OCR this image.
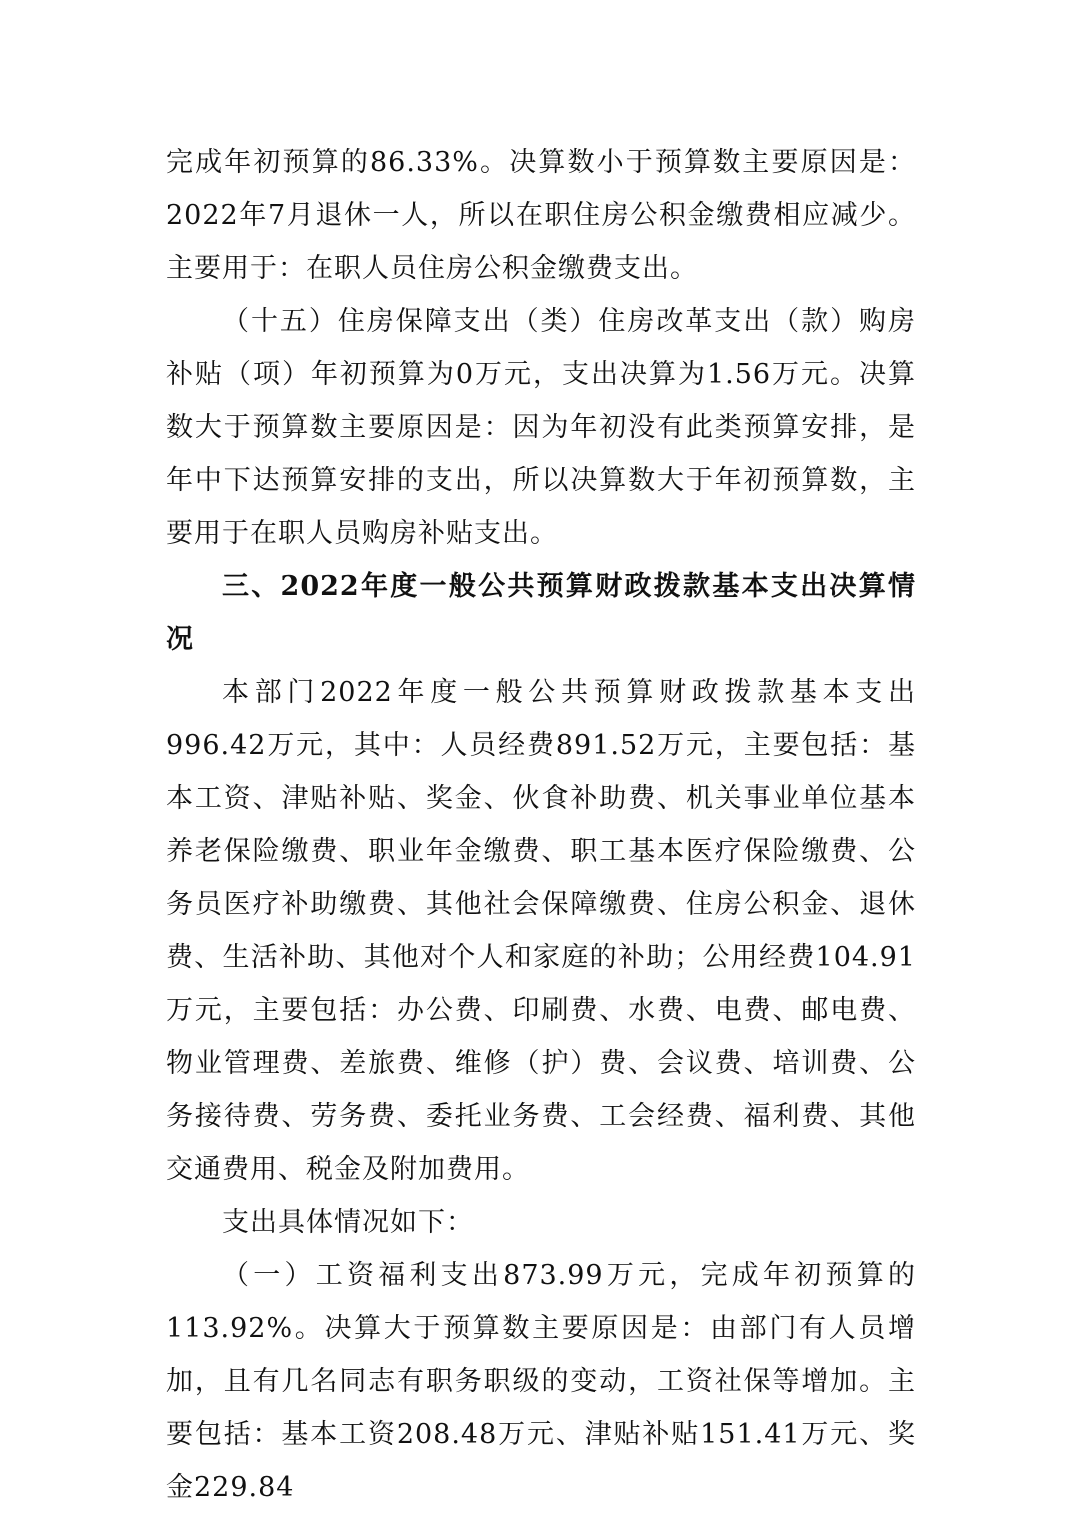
完成年初预算的86.33%。决算数小于预算数主要原因是：2022年7月退休一人，所以在职住房公积金缴费相应减少。主要用于：在职人员住房公积金缴费支出。

（十五）住房保障支出（类）住房改革支出（款）购房补贴（项）年初预算为0万元，支出决算为1.56万元。决算数大于预算数主要原因是：因为年初没有此类预算安排，是年中下达预算安排的支出，所以决算数大于年初预算数，主要用于在职人员购房补贴支出。

三、2022年度一般公共预算财政拨款基本支出决算情况

本部门2022年度一般公共预算财政拨款基本支出996.42万元，其中：人员经费891.52万元，主要包括：基本工资、津贴补贴、奖金、伙食补助费、机关事业单位基本养老保险缴费、职业年金缴费、职工基本医疗保险缴费、公务员医疗补助缴费、其他社会保障缴费、住房公积金、退休费、生活补助、其他对个人和家庭的补助；公用经费104.91万元，主要包括：办公费、印刷费、水费、电费、邮电费、物业管理费、差旅费、维修（护）费、会议费、培训费、公务接待费、劳务费、委托业务费、工会经费、福利费、其他交通费用、税金及附加费用。

支出具体情况如下：

（一）工资福利支出873.99万元，完成年初预算的113.92%。决算大于预算数主要原因是：由部门有人员增加，且有几名同志有职务职级的变动，工资社保等增加。主要包括：基本工资208.48万元、津贴补贴151.41万元、奖金229.84
